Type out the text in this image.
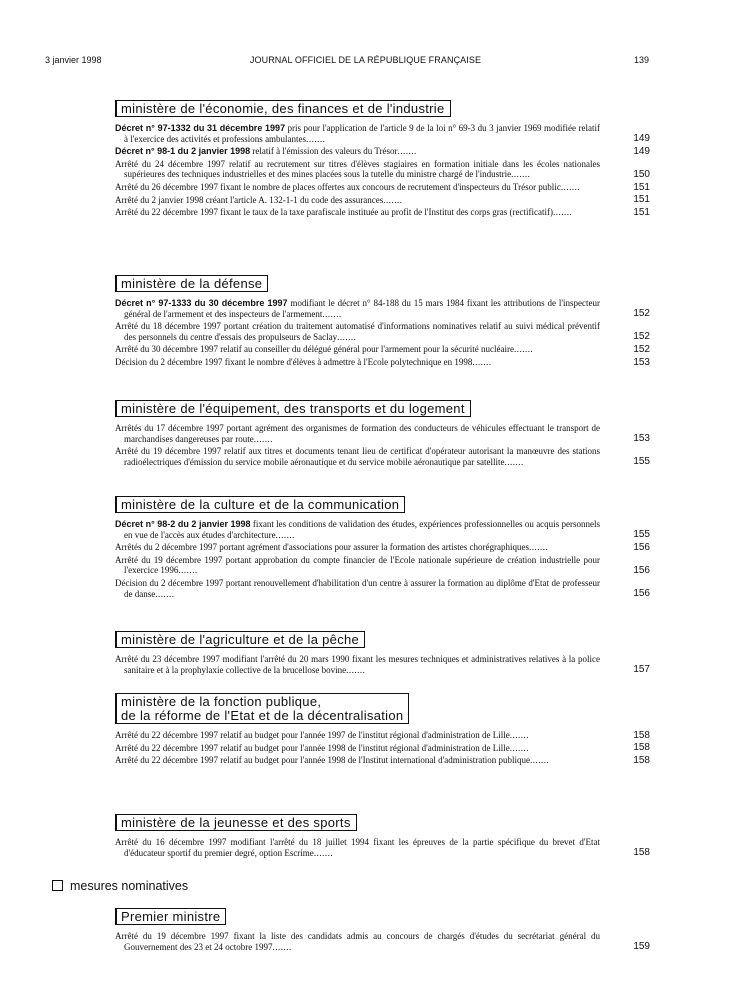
3 janvier 1998	JOURNAL OFFICIEL DE LA RÉPUBLIQUE FRANÇAISE	139
ministère de l'économie, des finances et de l'industrie
Décret n° 97-1332 du 31 décembre 1997 pris pour l'application de l'article 9 de la loi n° 69-3 du 3 janvier 1969 modifiée relatif à l'exercice des activités et professions ambulantes.......	149
Décret n° 98-1 du 2 janvier 1998 relatif à l'émission des valeurs du Trésor.......	149
Arrêté du 24 décembre 1997 relatif au recrutement sur titres d'élèves stagiaires en formation initiale dans les écoles nationales supérieures des techniques industrielles et des mines placées sous la tutelle du ministre chargé de l'industrie.......	150
Arrêté du 26 décembre 1997 fixant le nombre de places offertes aux concours de recrutement d'inspecteurs du Trésor public.......	151
Arrêté du 2 janvier 1998 créant l'article A. 132-1-1 du code des assurances.......	151
Arrêté du 22 décembre 1997 fixant le taux de la taxe parafiscale instituée au profit de l'Institut des corps gras (rectificatif).......	151
ministère de la défense
Décret n° 97-1333 du 30 décembre 1997 modifiant le décret n° 84-188 du 15 mars 1984 fixant les attributions de l'inspecteur général de l'armement et des inspecteurs de l'armement.......	152
Arrêté du 18 décembre 1997 portant création du traitement automatisé d'informations nominatives relatif au suivi médical préventif des personnels du centre d'essais des propulseurs de Saclay.......	152
Arrêté du 30 décembre 1997 relatif au conseiller du délégué général pour l'armement pour la sécurité nucléaire.......	152
Décision du 2 décembre 1997 fixant le nombre d'élèves à admettre à l'Ecole polytechnique en 1998.......	153
ministère de l'équipement, des transports et du logement
Arrêtés du 17 décembre 1997 portant agrément des organismes de formation des conducteurs de véhicules effectuant le transport de marchandises dangereuses par route.......	153
Arrêté du 19 décembre 1997 relatif aux titres et documents tenant lieu de certificat d'opérateur autorisant la manœuvre des stations radioélectriques d'émission du service mobile aéronautique et du service mobile aéronautique par satellite.......	155
ministère de la culture et de la communication
Décret n° 98-2 du 2 janvier 1998 fixant les conditions de validation des études, expériences professionnelles ou acquis personnels en vue de l'accès aux études d'architecture.......	155
Arrêtés du 2 décembre 1997 portant agrément d'associations pour assurer la formation des artistes chorégraphiques.......	156
Arrêté du 19 décembre 1997 portant approbation du compte financier de l'Ecole nationale supérieure de création industrielle pour l'exercice 1996.......	156
Décision du 2 décembre 1997 portant renouvellement d'habilitation d'un centre à assurer la formation au diplôme d'Etat de professeur de danse.......	156
ministère de l'agriculture et de la pêche
Arrêté du 23 décembre 1997 modifiant l'arrêté du 20 mars 1990 fixant les mesures techniques et administratives relatives à la police sanitaire et à la prophylaxie collective de la brucellose bovine.......	157
ministère de la fonction publique,
de la réforme de l'Etat et de la décentralisation
Arrêté du 22 décembre 1997 relatif au budget pour l'année 1997 de l'institut régional d'administration de Lille.......	158
Arrêté du 22 décembre 1997 relatif au budget pour l'année 1998 de l'institut régional d'administration de Lille.......	158
Arrêté du 22 décembre 1997 relatif au budget pour l'année 1998 de l'Institut international d'administration publique.......	158
ministère de la jeunesse et des sports
Arrêté du 16 décembre 1997 modifiant l'arrêté du 18 juillet 1994 fixant les épreuves de la partie spécifique du brevet d'Etat d'éducateur sportif du premier degré, option Escrime.......	158
mesures nominatives
Premier ministre
Arrêté du 19 décembre 1997 fixant la liste des candidats admis au concours de chargés d'études du secrétariat général du Gouvernement des 23 et 24 octobre 1997.......	159
